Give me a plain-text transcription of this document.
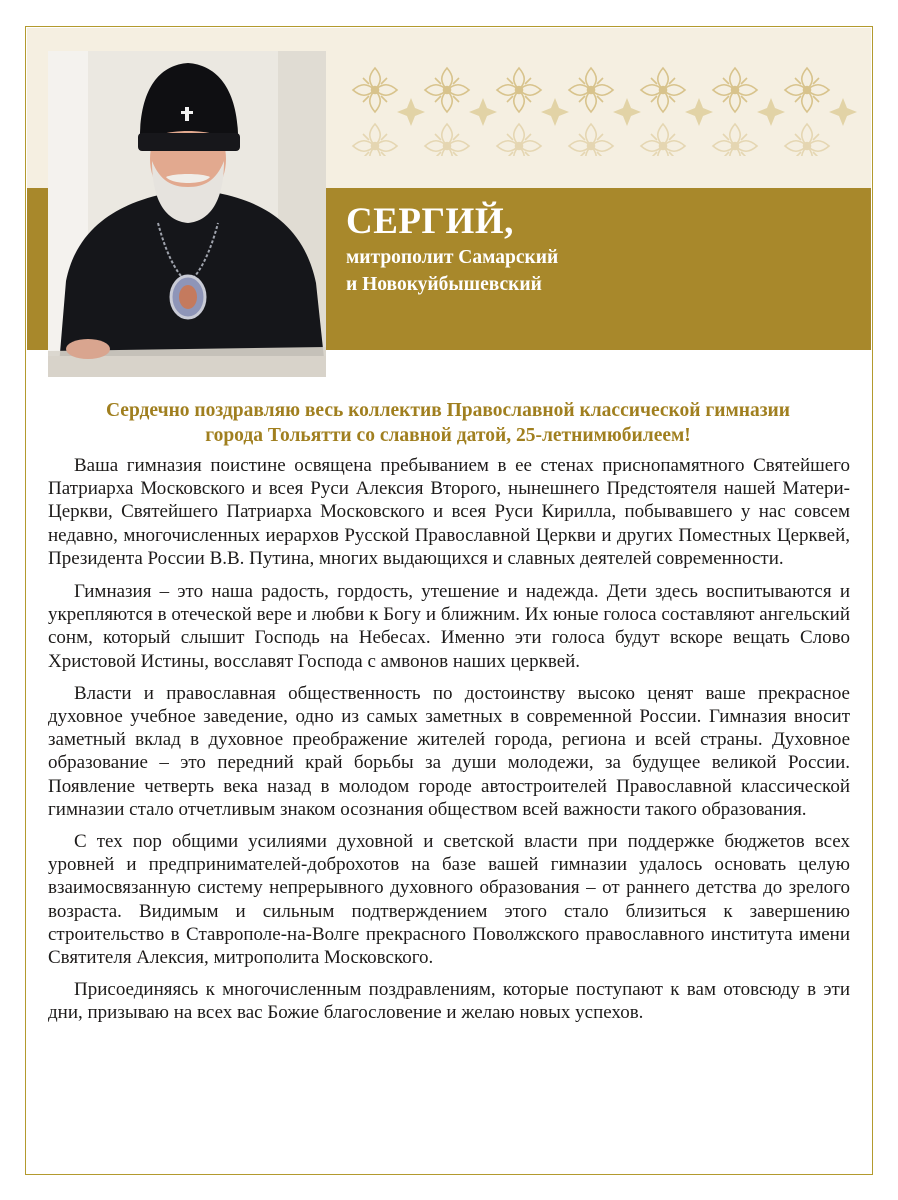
СЕРГИЙ,
митрополит Самарский
и Новокуйбышевский
Сердечно поздравляю весь коллектив Православной классической гимназии
города Тольятти со славной датой, 25-летнимюбилеем!

Ваша гимназия поистине освящена пребыванием в ее стенах приснопамятного Святейшего Патриарха Московского и всея Руси Алексия Второго, нынешнего Предстоятеля нашей Матери-Церкви, Святейшего Патриарха Московского и всея Руси Кирилла, побывавшего у нас совсем недавно, многочисленных иерархов Русской Православной Церкви и других Поместных Церквей, Президента России В.В. Путина, многих выдающихся и славных деятелей современности.

Гимназия – это наша радость, гордость, утешение и надежда. Дети здесь воспитываются и укрепляются в отеческой вере и любви к Богу и ближним. Их юные голоса составляют ангельский сонм, который слышит Господь на Небесах. Именно эти голоса будут вскоре вещать Слово Христовой Истины, восславят Господа с амвонов наших церквей.

Власти и православная общественность по достоинству высоко ценят ваше прекрасное духовное учебное заведение, одно из самых заметных в современной России. Гимназия вносит заметный вклад в духовное преображение жителей города, региона и всей страны. Духовное образование – это передний край борьбы за души молодежи, за будущее великой России. Появление четверть века назад в молодом городе автостроителей Православной классической гимназии стало отчетливым знаком осознания обществом всей важности такого образования.

С тех пор общими усилиями духовной и светской власти при поддержке бюджетов всех уровней и предпринимателей-доброхотов на базе вашей гимназии удалось основать целую взаимосвязанную систему непрерывного духовного образования – от раннего детства до зрелого возраста. Видимым и сильным подтверждением этого стало близиться к завершению строительство в Ставрополе-на-Волге прекрасного Поволжского православного института имени Святителя Алексия, митрополита Московского.

Присоединяясь к многочисленным поздравлениям, которые поступают к вам отовсюду в эти дни, призываю на всех вас Божие благословение и желаю новых успехов.
